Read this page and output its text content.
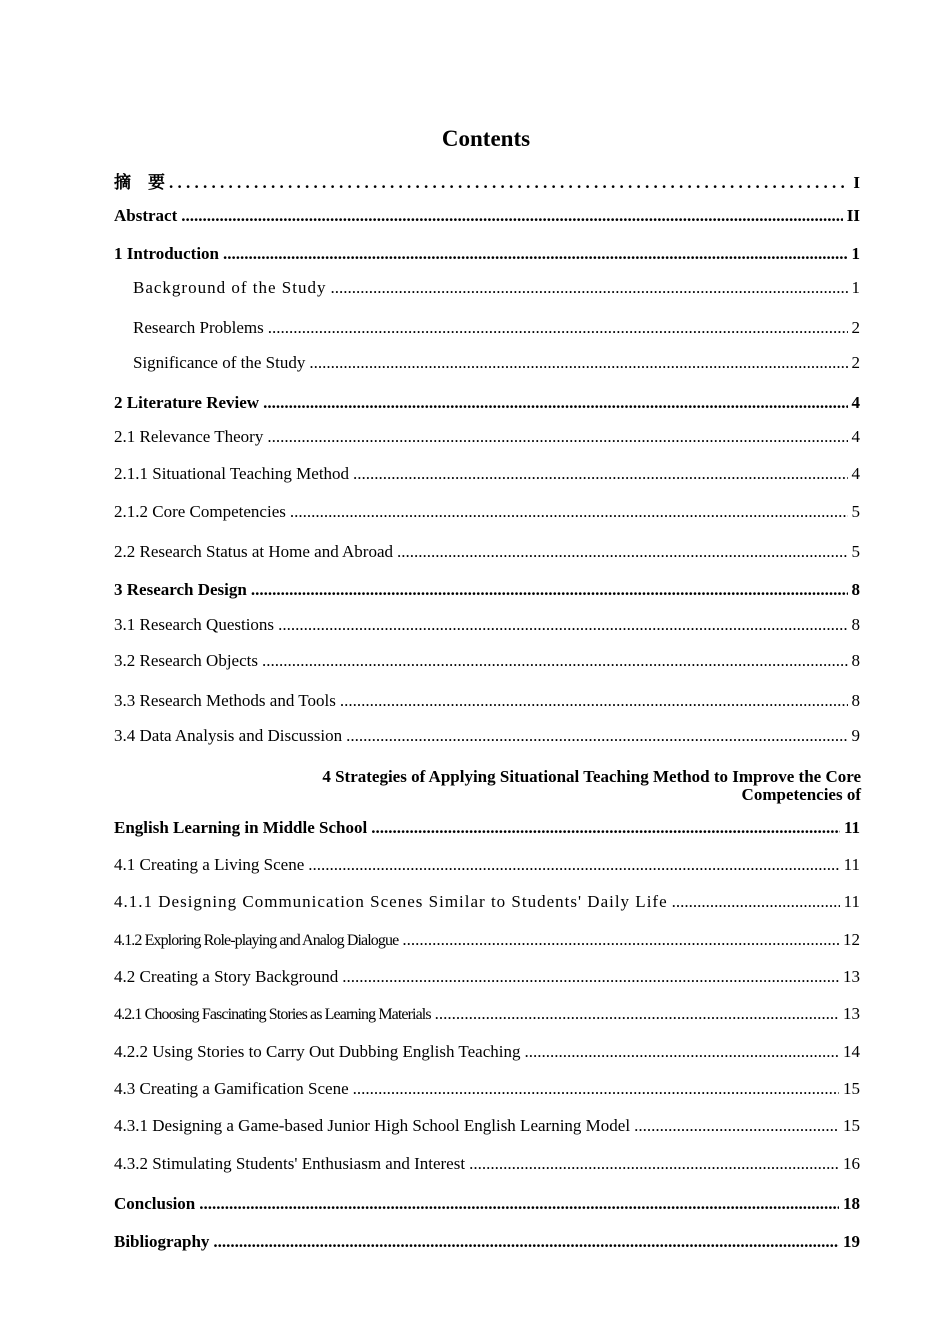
Contents
摘　要 . . .	I
Abstract .....	II
1 Introduction .....	1
Background of the Study .....	1
Research Problems .....	2
Significance of the Study .....	2
2 Literature Review .....	4
2.1 Relevance Theory .....	4
2.1.1 Situational Teaching Method .....	4
2.1.2 Core Competencies .....	5
2.2 Research Status at Home and Abroad .....	5
3 Research Design .....	8
3.1 Research Questions .....	8
3.2 Research Objects .....	8
3.3 Research Methods and Tools .....	8
3.4 Data Analysis and Discussion .....	9
4 Strategies of Applying Situational Teaching Method to Improve the Core
Competencies of
English Learning in Middle School .....	11
4.1 Creating a Living Scene .....	11
4.1.1 Designing Communication Scenes Similar to Students' Daily Life .....	11
4.1.2 Exploring Role-playing and Analog Dialogue .....	12
4.2 Creating a Story Background .....	13
4.2.1 Choosing Fascinating Stories as Learning Materials .....	13
4.2.2 Using Stories to Carry Out Dubbing English Teaching .....	14
4.3 Creating a Gamification Scene .....	15
4.3.1 Designing a Game-based Junior High School English Learning Model .....	15
4.3.2 Stimulating Students' Enthusiasm and Interest .....	16
Conclusion .....	18
Bibliography .....	19
